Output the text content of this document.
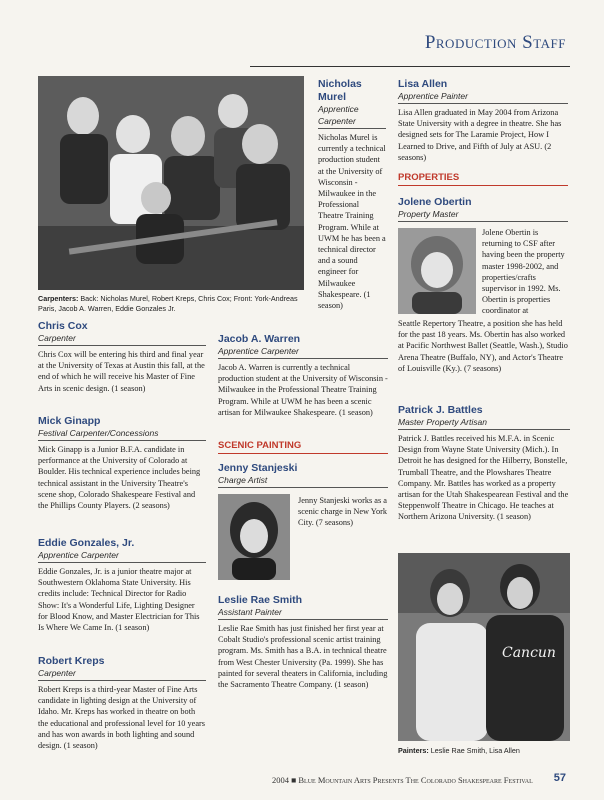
Production Staff
Carpenters: Back: Nicholas Murel, Robert Kreps, Chris Cox; Front: York-Andreas Paris, Jacob A. Warren, Eddie Gonzales Jr.

Nicholas

Murel

Apprentice

Carpenter

Nicholas Murel is currently a technical production student at the University of Wisconsin - Milwaukee in the Professional Theatre Training Program. While at UWM he has been a technical director and a sound engineer for Milwaukee Shakespeare. (1 season)

Chris Cox

Carpenter

Chris Cox will be entering his third and final year at the University of Texas at Austin this fall, at the end of which he will receive his Master of Fine Arts in scenic design. (1 season)

Mick Ginapp

Festival Carpenter/Concessions

Mick Ginapp is a Junior B.F.A. candidate in performance at the University of Colorado at Boulder. His technical experience includes being technical assistant in the University Theatre's scene shop, Colorado Shakespeare Festival and the Phillips County Players. (2 seasons)

Eddie Gonzales, Jr.

Apprentice Carpenter

Eddie Gonzales, Jr. is a junior theatre major at Southwestern Oklahoma State University. His credits include: Technical Director for Radio Show: It's a Wonderful Life, Lighting Designer for Blood Know, and Master Electrician for This Is Where We Came In. (1 season)

Robert Kreps

Carpenter

Robert Kreps is a third-year Master of Fine Arts candidate in lighting design at the University of Idaho. Mr. Kreps has worked in theatre on both the educational and professional level for 10 years and has won awards in both lighting and sound design. (1 season)

Jacob A. Warren

Apprentice Carpenter

Jacob A. Warren is currently a technical production student at the University of Wisconsin - Milwaukee in the Professional Theatre Training Program. While at UWM he has been a scenic artisan for Milwaukee Shakespeare. (1 season)

SCENIC PAINTING

Jenny Stanjeski

Charge Artist

Jenny Stanjeski works as a scenic charge in New York City. (7 seasons)

Leslie Rae Smith

Assistant Painter

Leslie Rae Smith has just finished her first year at Cobalt Studio's professional scenic artist training program. Ms. Smith has a B.A. in technical theatre from West Chester University (Pa. 1999). She has painted for several theaters in California, including the Sacramento Theatre Company. (1 season)

Lisa Allen

Apprentice Painter

Lisa Allen graduated in May 2004 from Arizona State University with a degree in theatre. She has designed sets for The Laramie Project, How I Learned to Drive, and Fifth of July at ASU. (2 seasons)

PROPERTIES

Jolene Obertin

Property Master

Jolene Obertin is returning to CSF after having been the property master 1998-2002, and properties/crafts supervisor in 1992. Ms. Obertin is properties coordinator at

Seattle Repertory Theatre, a position she has held for the past 18 years. Ms. Obertin has also worked at Pacific Northwest Ballet (Seattle, Wash.), Studio Arena Theatre (Buffalo, NY), and Actor's Theatre of Louisville (Ky.). (7 seasons)

Patrick J. Battles

Master Property Artisan

Patrick J. Battles received his M.F.A. in Scenic Design from Wayne State University (Mich.). In Detroit he has designed for the Hilberry, Bonstelle, Trumball Theatre, and the Plowshares Theatre Company. Mr. Battles has worked as a property artisan for the Utah Shakespearean Festival and the Steppenwolf Theatre in Chicago. He teaches at Northern Arizona University. (1 season)

Cancun
Painters: Leslie Rae Smith, Lisa Allen
2004 ■ Blue Mountain Arts Presents The Colorado Shakespeare Festival 57
